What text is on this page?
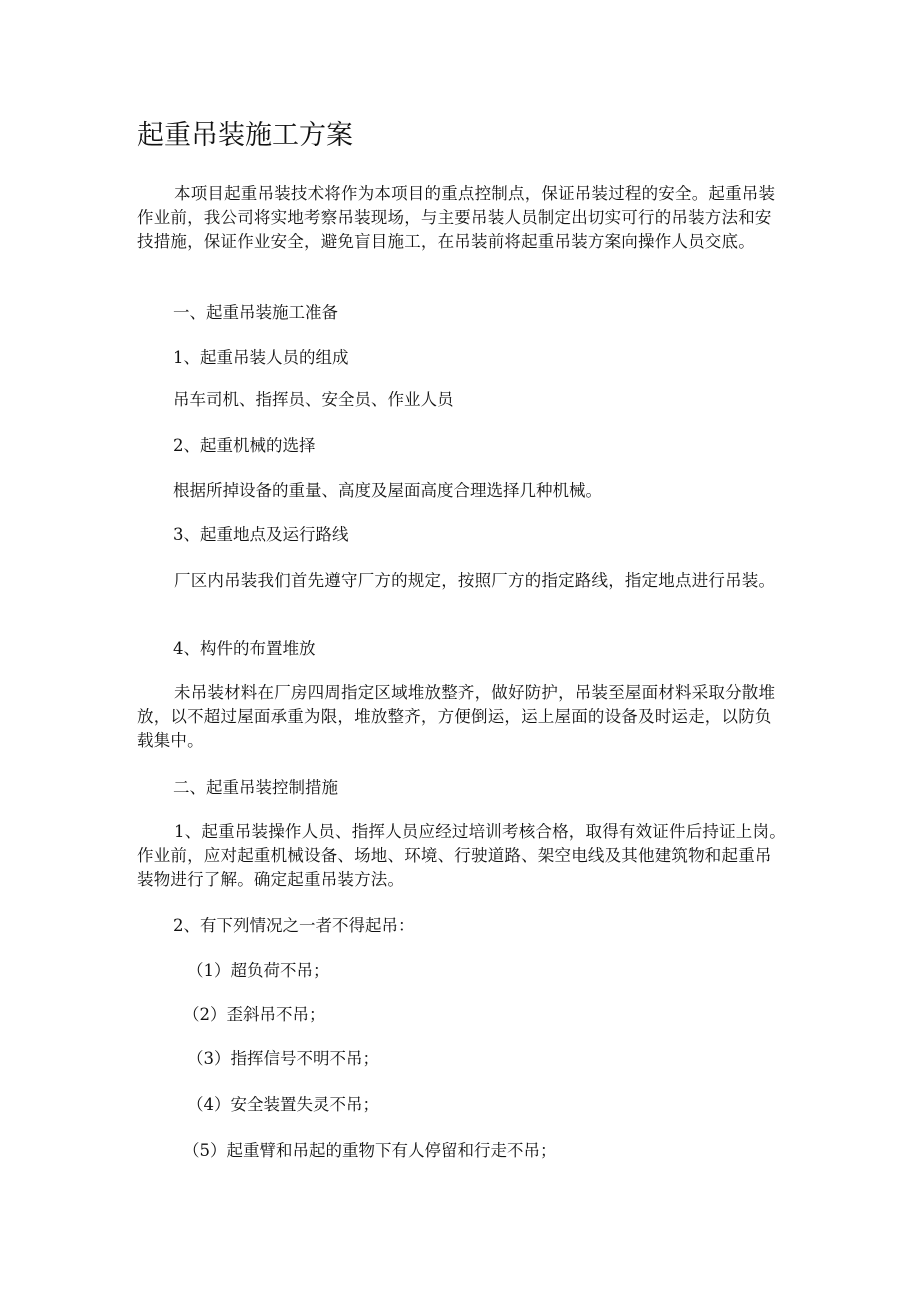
起重吊装施工方案

本项目起重吊装技术将作为本项目的重点控制点，保证吊装过程的安全。起重吊装作业前，我公司将实地考察吊装现场，与主要吊装人员制定出切实可行的吊装方法和安技措施，保证作业安全，避免盲目施工，在吊装前将起重吊装方案向操作人员交底。

一、起重吊装施工准备

1、起重吊装人员的组成

吊车司机、指挥员、安全员、作业人员

2、起重机械的选择

根据所掉设备的重量、高度及屋面高度合理选择几种机械。

3、起重地点及运行路线

厂区内吊装我们首先遵守厂方的规定，按照厂方的指定路线，指定地点进行吊装。

4、构件的布置堆放

未吊装材料在厂房四周指定区域堆放整齐，做好防护，吊装至屋面材料采取分散堆放，以不超过屋面承重为限，堆放整齐，方便倒运，运上屋面的设备及时运走，以防负载集中。

二、起重吊装控制措施

1、起重吊装操作人员、指挥人员应经过培训考核合格，取得有效证件后持证上岗。作业前，应对起重机械设备、场地、环境、行驶道路、架空电线及其他建筑物和起重吊装物进行了解。确定起重吊装方法。

2、有下列情况之一者不得起吊：

（1）超负荷不吊；

（2）歪斜吊不吊；

（3）指挥信号不明不吊；

（4）安全装置失灵不吊；

（5）起重臂和吊起的重物下有人停留和行走不吊；
